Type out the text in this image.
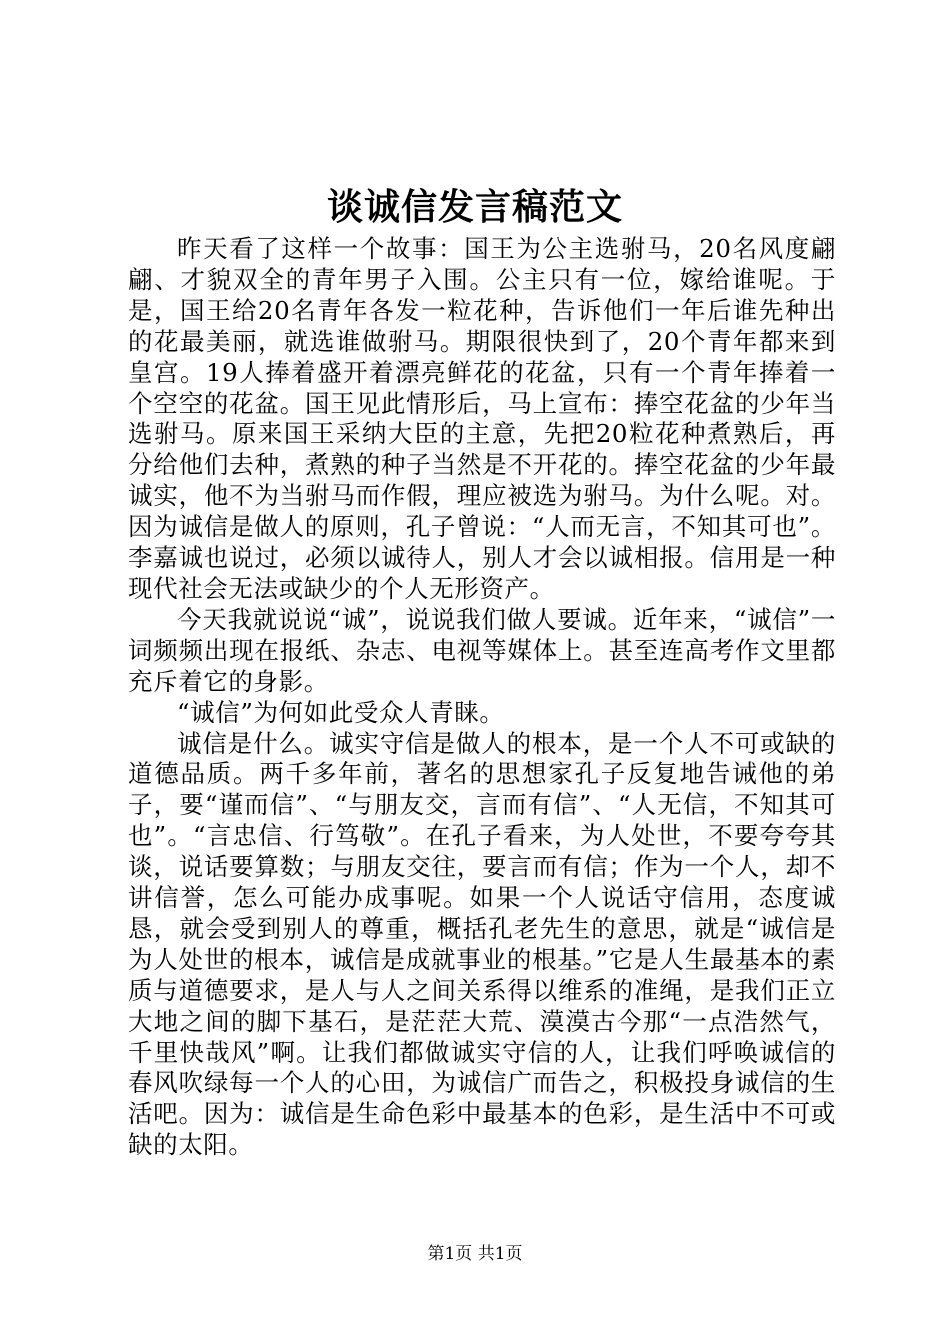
谈诚信发言稿范文

昨天看了这样一个故事：国王为公主选驸马，20名风度翩翩、才貌双全的青年男子入围。公主只有一位，嫁给谁呢。于是，国王给20名青年各发一粒花种，告诉他们一年后谁先种出的花最美丽，就选谁做驸马。期限很快到了，20个青年都来到皇宫。19人捧着盛开着漂亮鲜花的花盆，只有一个青年捧着一个空空的花盆。国王见此情形后，马上宣布：捧空花盆的少年当选驸马。原来国王采纳大臣的主意，先把20粒花种煮熟后，再分给他们去种，煮熟的种子当然是不开花的。捧空花盆的少年最诚实，他不为当驸马而作假，理应被选为驸马。为什么呢。对。因为诚信是做人的原则，孔子曾说：“人而无言，不知其可也”。李嘉诚也说过，必须以诚待人，别人才会以诚相报。信用是一种现代社会无法或缺少的个人无形资产。

今天我就说说“诚”，说说我们做人要诚。近年来，“诚信”一词频频出现在报纸、杂志、电视等媒体上。甚至连高考作文里都充斥着它的身影。

“诚信”为何如此受众人青睐。

诚信是什么。诚实守信是做人的根本，是一个人不可或缺的道德品质。两千多年前，著名的思想家孔子反复地告诫他的弟子，要“谨而信”、“与朋友交，言而有信”、“人无信，不知其可也”。“言忠信、行笃敬”。在孔子看来，为人处世，不要夸夸其谈，说话要算数；与朋友交往，要言而有信；作为一个人，却不讲信誉，怎么可能办成事呢。如果一个人说话守信用，态度诚恳，就会受到别人的尊重，概括孔老先生的意思，就是“诚信是为人处世的根本，诚信是成就事业的根基。”它是人生最基本的素质与道德要求，是人与人之间关系得以维系的准绳，是我们正立大地之间的脚下基石，是茫茫大荒、漠漠古今那“一点浩然气，千里快哉风”啊。让我们都做诚实守信的人，让我们呼唤诚信的春风吹绿每一个人的心田，为诚信广而告之，积极投身诚信的生活吧。因为：诚信是生命色彩中最基本的色彩，是生活中不可或缺的太阳。

第1页 共1页
